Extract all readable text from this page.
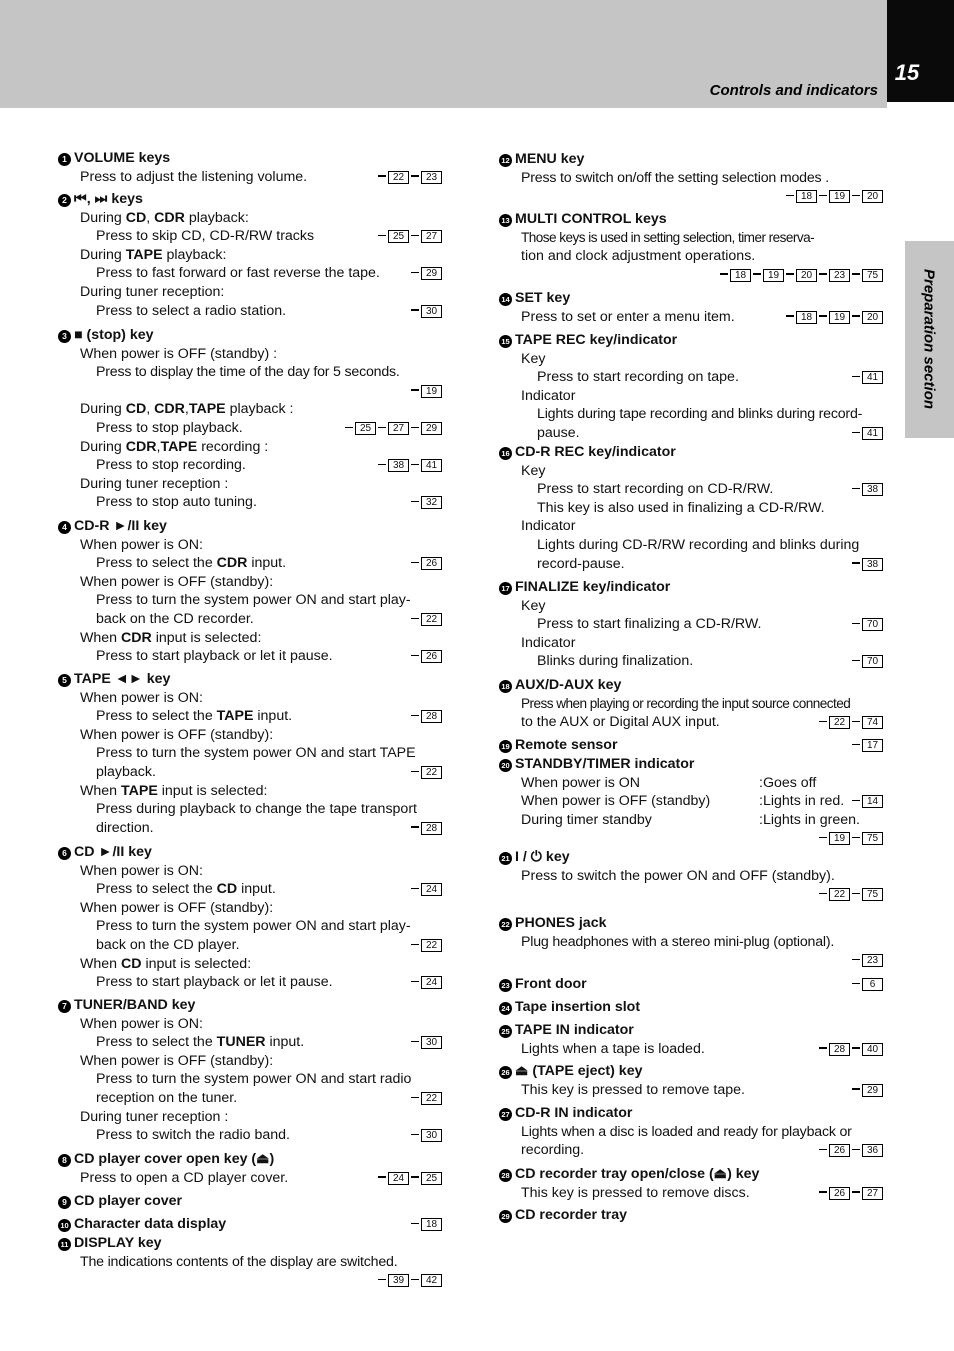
Controls and indicators
15
Preparation section
1 VOLUME keys
Press to adjust the listening volume.	22 23
2 ⏮, ⏭ keys
During CD, CDR playback:
Press to skip CD, CD-R/RW tracks	25 27
During TAPE playback:
Press to fast forward or fast reverse the tape.	29
During tuner reception:
Press to select a radio station.	30
3 ■ (stop) key
When power is OFF (standby) :
Press to display the time of the day for 5 seconds.
19
During CD, CDR,TAPE playback :
Press to stop playback.	25 27 29
During CDR,TAPE recording :
Press to stop recording.	38 41
During tuner reception :
Press to stop auto tuning.	32
4 CD-R ►/II key
When power is ON:
Press to select the CDR input.	26
When power is OFF (standby):
Press to turn the system power ON and start play-
back on the CD recorder.	22
When CDR input is selected:
Press to start playback or let it pause.	26
5 TAPE ◄► key
When power is ON:
Press to select the TAPE input.	28
When power is OFF (standby):
Press to turn the system power ON and start TAPE
playback.	22
When TAPE input is selected:
Press during playback to change the tape transport
direction.	28
6 CD ►/II key
When power is ON:
Press to select the CD input.	24
When power is OFF (standby):
Press to turn the system power ON and start play-
back on the CD player.	22
When CD input is selected:
Press to start playback or let it pause.	24
7 TUNER/BAND key
When power is ON:
Press to select the TUNER input.	30
When power is OFF (standby):
Press to turn the system power ON and start radio
reception on the tuner.	22
During tuner reception :
Press to switch the radio band.	30
8 CD player cover open key (⏏)
Press to open a CD player cover.	24 25
9 CD player cover
10 Character data display	18
11 DISPLAY key
The indications contents of the display are switched.
39 42
12 MENU key
Press to switch on/off the setting selection modes .
18 19 20
13 MULTI CONTROL keys
Those keys is used in setting selection, timer reserva-
tion and clock adjustment operations.
18 19 20 23 75
14 SET key
Press to set or enter a menu item.	18 19 20
15 TAPE REC key/indicator
Key
Press to start recording on tape.	41
Indicator
Lights during tape recording and blinks during record-
pause.	41
16 CD-R REC key/indicator
Key
Press to start recording on CD-R/RW.	38
This key is also used in finalizing a CD-R/RW.
Indicator
Lights during CD-R/RW recording and blinks during
record-pause.	38
17 FINALIZE key/indicator
Key
Press to start finalizing a CD-R/RW.	70
Indicator
Blinks during finalization.	70
18 AUX/D-AUX key
Press when playing or recording the input source connected
to the AUX or Digital AUX input.	22 74
19 Remote sensor	17
20 STANDBY/TIMER indicator
When power is ON	:Goes off
When power is OFF (standby)	:Lights in red.	14
During timer standby	:Lights in green.
19 75
21 I / ⏻ key
Press to switch the power ON and OFF (standby).
22 75
22 PHONES jack
Plug headphones with a stereo mini-plug (optional).
23
23 Front door	6
24 Tape insertion slot
25 TAPE IN indicator
Lights when a tape is loaded.	28 40
26 ⏏ (TAPE eject) key
This key is pressed to remove tape.	29
27 CD-R IN indicator
Lights when a disc is loaded and ready for playback or
recording.	26 36
28 CD recorder tray open/close (⏏) key
This key is pressed to remove discs.	26 27
29 CD recorder tray
